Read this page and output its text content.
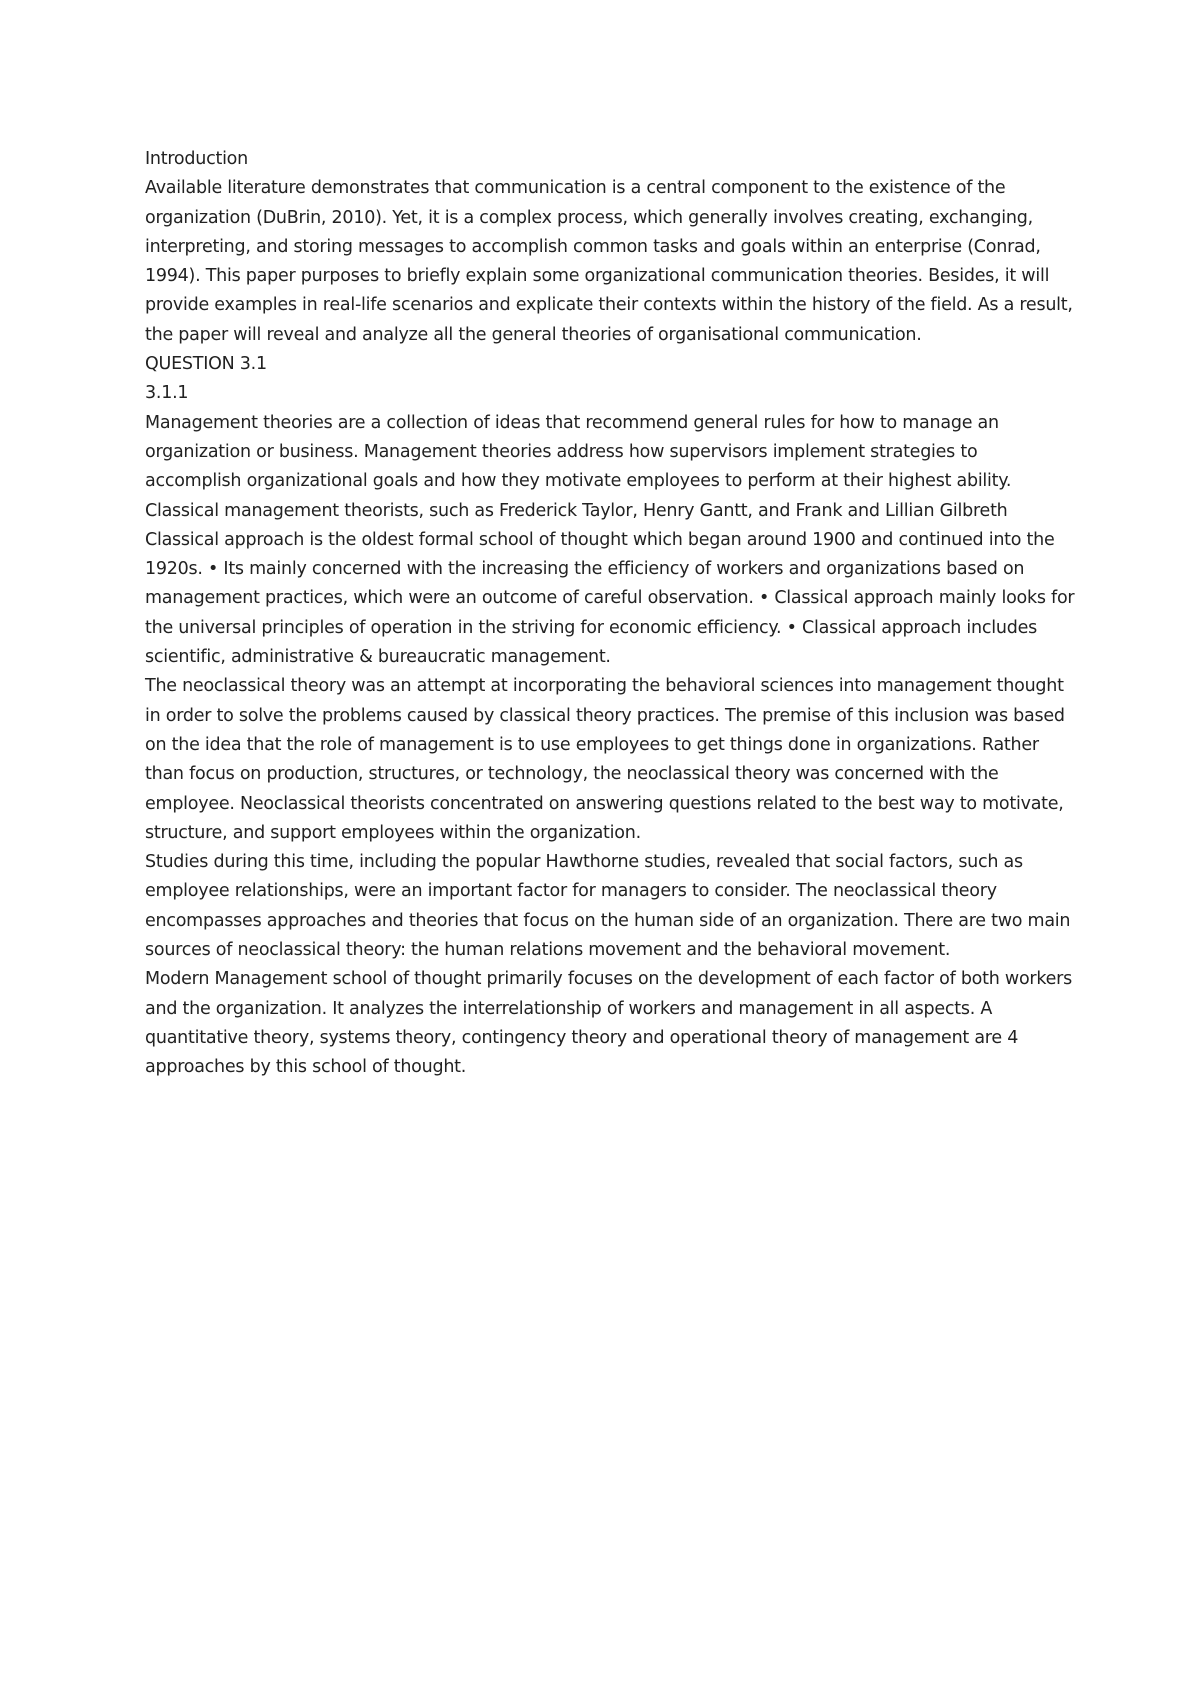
Introduction

Available literature demonstrates that communication is a central component to the existence of the organization (DuBrin, 2010). Yet, it is a complex process, which generally involves creating, exchanging, interpreting, and storing messages to accomplish common tasks and goals within an enterprise (Conrad, 1994). This paper purposes to briefly explain some organizational communication theories. Besides, it will provide examples in real-life scenarios and explicate their contexts within the history of the field. As a result, the paper will reveal and analyze all the general theories of organisational communication.

QUESTION 3.1

3.1.1

Management theories are a collection of ideas that recommend general rules for how to manage an organization or business. Management theories address how supervisors implement strategies to accomplish organizational goals and how they motivate employees to perform at their highest ability. Classical management theorists, such as Frederick Taylor, Henry Gantt, and Frank and Lillian Gilbreth

Classical approach is the oldest formal school of thought which began around 1900 and continued into the 1920s. • Its mainly concerned with the increasing the efficiency of workers and organizations based on management practices, which were an outcome of careful observation. • Classical approach mainly looks for the universal principles of operation in the striving for economic efficiency. • Classical approach includes scientific, administrative & bureaucratic management.

The neoclassical theory was an attempt at incorporating the behavioral sciences into management thought in order to solve the problems caused by classical theory practices. The premise of this inclusion was based on the idea that the role of management is to use employees to get things done in organizations. Rather than focus on production, structures, or technology, the neoclassical theory was concerned with the employee. Neoclassical theorists concentrated on answering questions related to the best way to motivate, structure, and support employees within the organization.

Studies during this time, including the popular Hawthorne studies, revealed that social factors, such as employee relationships, were an important factor for managers to consider. The neoclassical theory encompasses approaches and theories that focus on the human side of an organization. There are two main sources of neoclassical theory: the human relations movement and the behavioral movement.

Modern Management school of thought primarily focuses on the development of each factor of both workers and the organization. It analyzes the interrelationship of workers and management in all aspects. A quantitative theory, systems theory, contingency theory and operational theory of management are 4 approaches by this school of thought.
